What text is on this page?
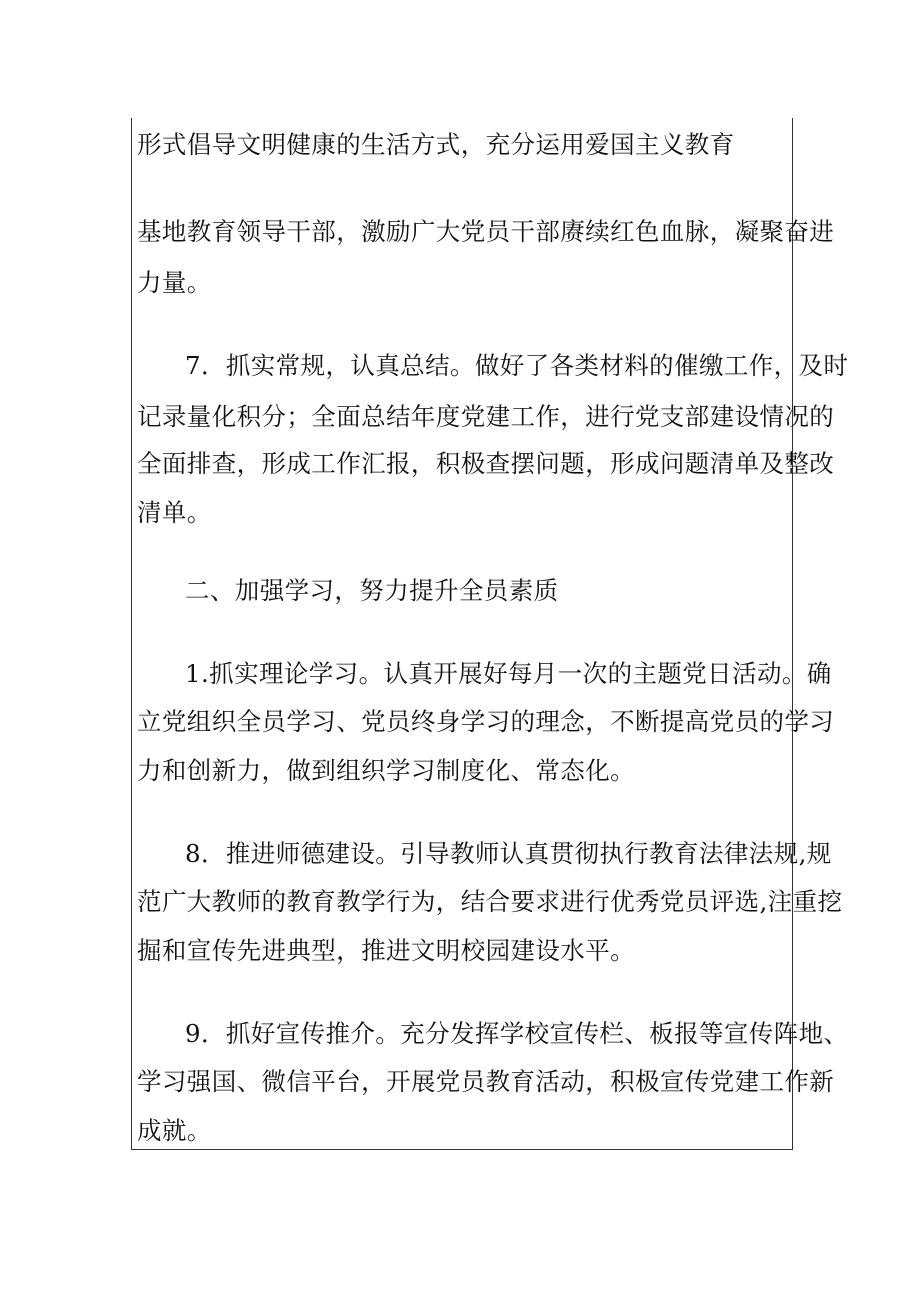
形式倡导文明健康的生活方式，充分运用爱国主义教育
基地教育领导干部，激励广大党员干部赓续红色血脉，凝聚奋进
力量。
7．抓实常规，认真总结。做好了各类材料的催缴工作，及时
记录量化积分；全面总结年度党建工作，进行党支部建设情况的
全面排查，形成工作汇报，积极查摆问题，形成问题清单及整改
清单。
二、加强学习，努力提升全员素质
1.抓实理论学习。认真开展好每月一次的主题党日活动。确
立党组织全员学习、党员终身学习的理念，不断提高党员的学习
力和创新力，做到组织学习制度化、常态化。
8．推进师德建设。引导教师认真贯彻执行教育法律法规,规
范广大教师的教育教学行为，结合要求进行优秀党员评选,注重挖
掘和宣传先进典型，推进文明校园建设水平。
9．抓好宣传推介。充分发挥学校宣传栏、板报等宣传阵地、
学习强国、微信平台，开展党员教育活动，积极宣传党建工作新
成就。
